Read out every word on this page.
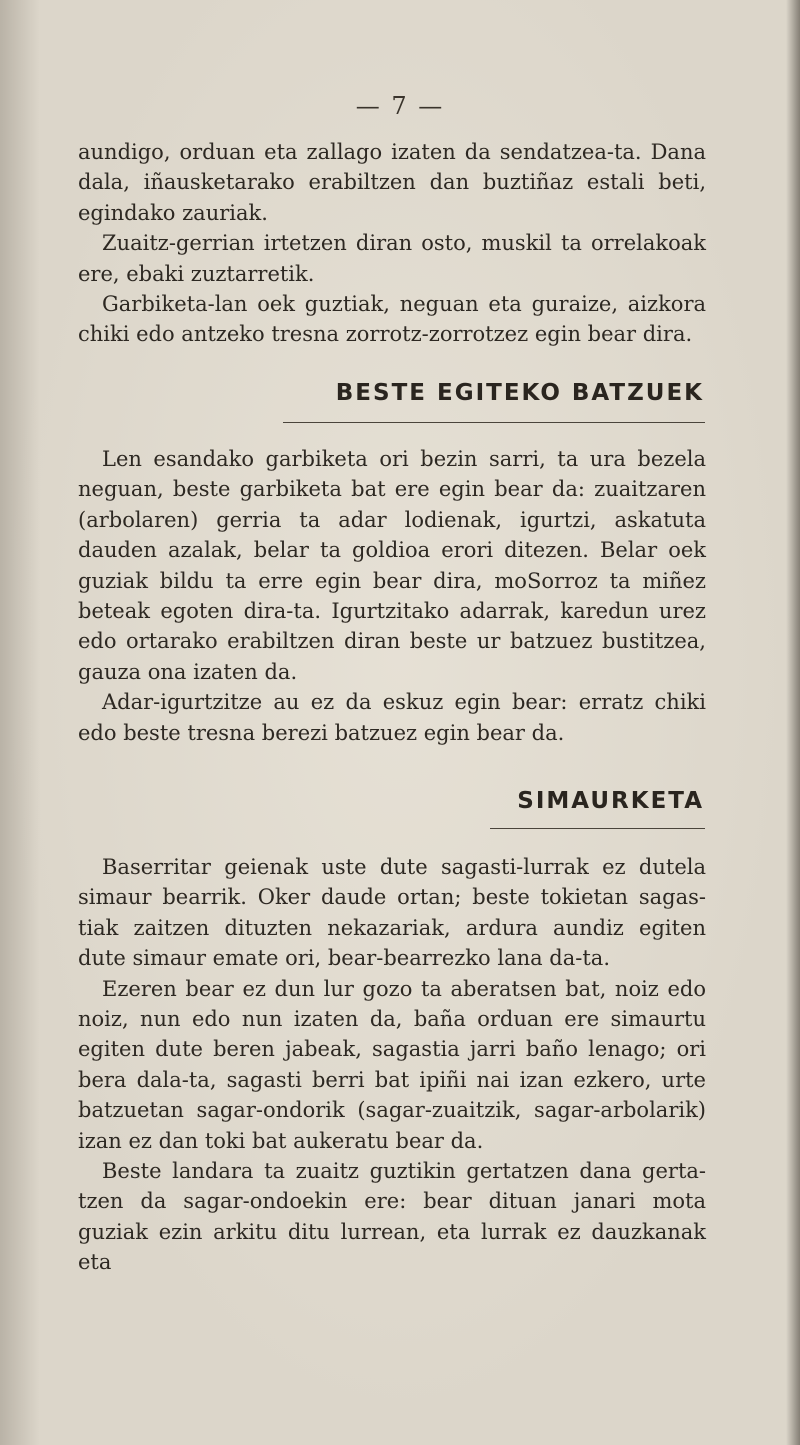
— 7 —

aundigo, orduan eta zallago izaten da sendatzea-ta. Dana dala, iñausketarako erabiltzen dan buztiñaz estali beti, egindako zauriak.

Zuaitz-gerrian irtetzen diran osto, muskil ta orrelakoak ere, ebaki zuztarretik.

Garbiketa-lan oek guztiak, neguan eta guraize, aizkora chiki edo antzeko tresna zorrotz-zorrotzez egin bear dira.

BESTE EGITEKO BATZUEK

Len esandako garbiketa ori bezin sarri, ta ura bezela neguan, beste garbiketa bat ere egin bear da: zuaitzaren (arbolaren) gerria ta adar lodienak, igurtzi, askatuta dauden azalak, belar ta goldioa erori ditezen. Belar oek guziak bildu ta erre egin bear dira, moSorroz ta miñez beteak egoten dira-ta. Igurtzitako adarrak, karedun urez edo ortarako erabiltzen diran beste ur batzuez bustitzea, gauza ona izaten da.

Adar-igurtzitze au ez da eskuz egin bear: erratz chiki edo beste tresna berezi batzuez egin bear da.

SIMAURKETA

Baserritar geienak uste dute sagasti-lurrak ez dutela simaur bearrik. Oker daude ortan; beste tokietan sagas-tiak zaitzen dituzten nekazariak, ardura aundiz egiten dute simaur emate ori, bear-bearrezko lana da-ta.

Ezeren bear ez dun lur gozo ta aberatsen bat, noiz edo noiz, nun edo nun izaten da, baña orduan ere simaurtu egiten dute beren jabeak, sagastia jarri baño lenago; ori bera dala-ta, sagasti berri bat ipiñi nai izan ezkero, urte batzuetan sagar-ondorik (sagar-zuaitzik, sagar-arbolarik) izan ez dan toki bat aukeratu bear da.

Beste landara ta zuaitz guztikin gertatzen dana gerta-tzen da sagar-ondoekin ere: bear dituan janari mota guziak ezin arkitu ditu lurrean, eta lurrak ez dauzkanak eta
